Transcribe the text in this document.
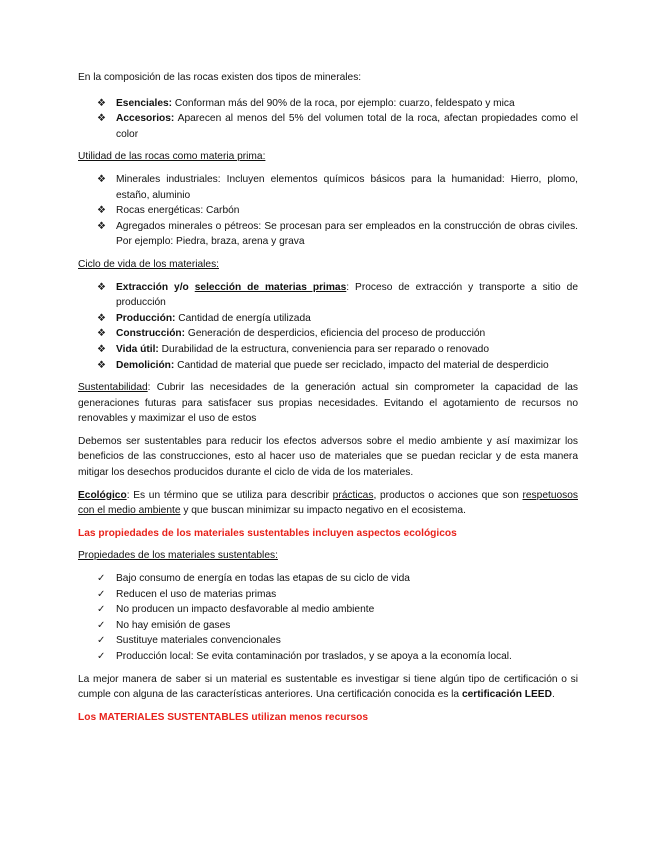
En la composición de las rocas existen dos tipos de minerales:

❖ Esenciales: Conforman más del 90% de la roca, por ejemplo: cuarzo, feldespato y mica
❖ Accesorios: Aparecen al menos del 5% del volumen total de la roca, afectan propiedades como el color

Utilidad de las rocas como materia prima:

❖ Minerales industriales: Incluyen elementos químicos básicos para la humanidad: Hierro, plomo, estaño, aluminio
❖ Rocas energéticas: Carbón
❖ Agregados minerales o pétreos: Se procesan para ser empleados en la construcción de obras civiles. Por ejemplo: Piedra, braza, arena y grava

Ciclo de vida de los materiales:

❖ Extracción y/o selección de materias primas: Proceso de extracción y transporte a sitio de producción
❖ Producción: Cantidad de energía utilizada
❖ Construcción: Generación de desperdicios, eficiencia del proceso de producción
❖ Vida útil: Durabilidad de la estructura, conveniencia para ser reparado o renovado
❖ Demolición: Cantidad de material que puede ser reciclado, impacto del material de desperdicio

Sustentabilidad: Cubrir las necesidades de la generación actual sin comprometer la capacidad de las generaciones futuras para satisfacer sus propias necesidades. Evitando el agotamiento de recursos no renovables y maximizar el uso de estos

Debemos ser sustentables para reducir los efectos adversos sobre el medio ambiente y así maximizar los beneficios de las construcciones, esto al hacer uso de materiales que se puedan reciclar y de esta manera mitigar los desechos producidos durante el ciclo de vida de los materiales.

Ecológico: Es un término que se utiliza para describir prácticas, productos o acciones que son respetuosos con el medio ambiente y que buscan minimizar su impacto negativo en el ecosistema.

Las propiedades de los materiales sustentables incluyen aspectos ecológicos

Propiedades de los materiales sustentables:

✓ Bajo consumo de energía en todas las etapas de su ciclo de vida
✓ Reducen el uso de materias primas
✓ No producen un impacto desfavorable al medio ambiente
✓ No hay emisión de gases
✓ Sustituye materiales convencionales
✓ Producción local: Se evita contaminación por traslados, y se apoya a la economía local.

La mejor manera de saber si un material es sustentable es investigar si tiene algún tipo de certificación o si cumple con alguna de las características anteriores. Una certificación conocida es la certificación LEED.

Los MATERIALES SUSTENTABLES utilizan menos recursos
